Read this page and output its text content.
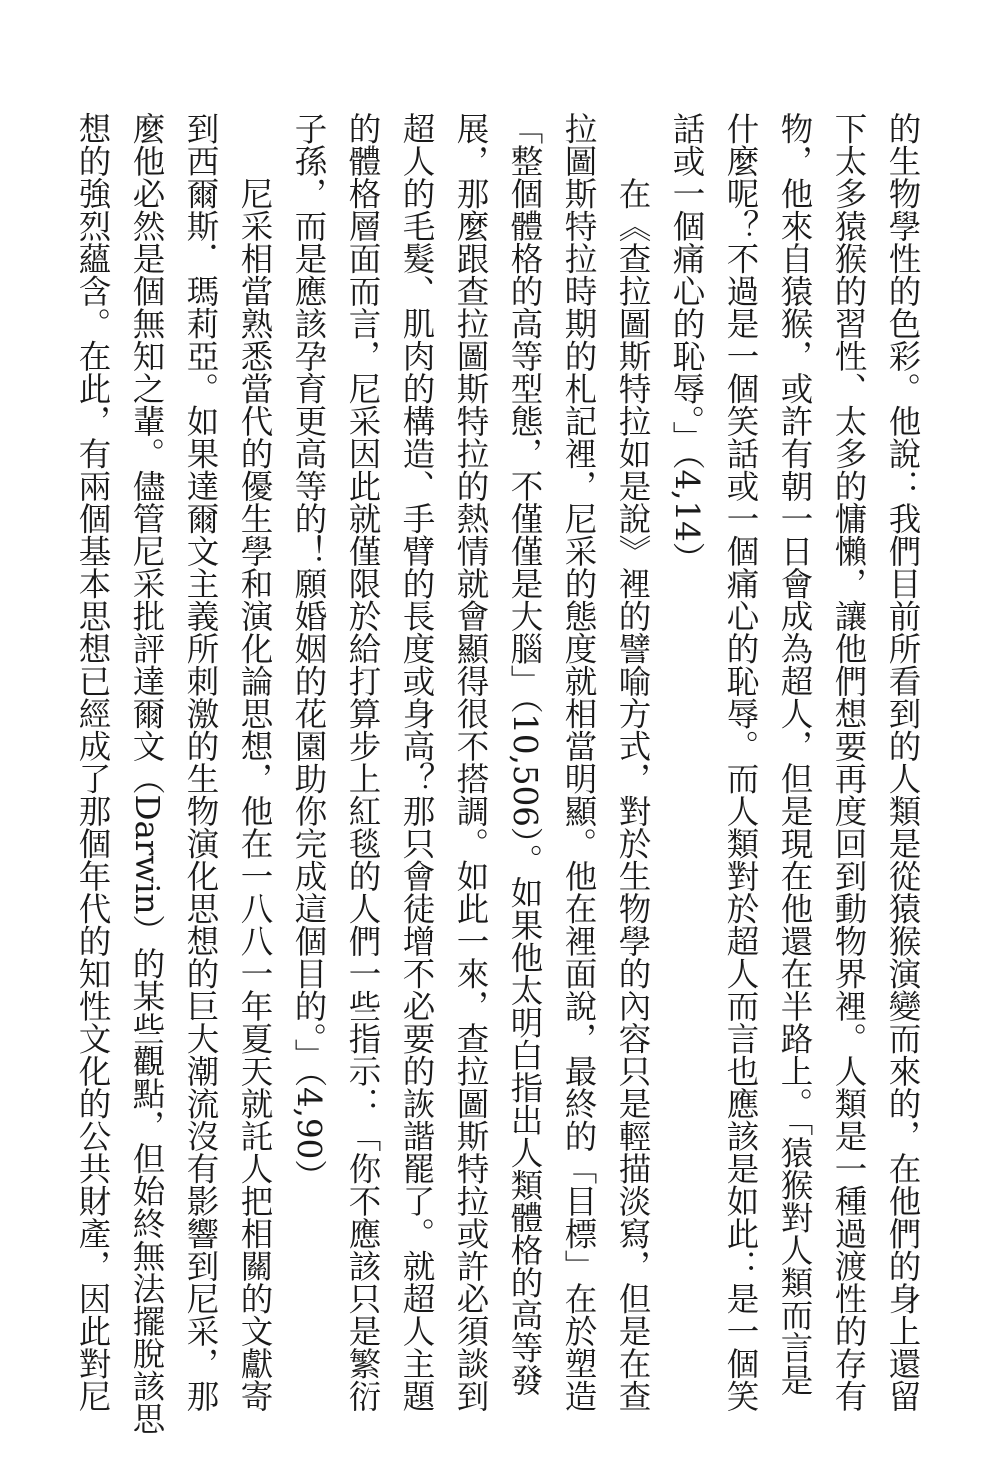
的生物學性的色彩。他說：我們目前所看到的人類是從猿猴演變而來的，在他們的身上還留
下太多猿猴的習性、太多的慵懶，讓他們想要再度回到動物界裡。人類是一種過渡性的存有
物，他來自猿猴，或許有朝一日會成為超人，但是現在他還在半路上。「猿猴對人類而言是
什麼呢？不過是一個笑話或一個痛心的恥辱。而人類對於超人而言也應該是如此：是一個笑
話或一個痛心的恥辱。」（4,14）
在《查拉圖斯特拉如是說》裡的譬喻方式，對於生物學的內容只是輕描淡寫，但是在查
拉圖斯特拉時期的札記裡，尼采的態度就相當明顯。他在裡面說，最終的「目標」在於塑造
「整個體格的高等型態，不僅僅是大腦」（10,506）。如果他太明白指出人類體格的高等發
展，那麼跟查拉圖斯特拉的熱情就會顯得很不搭調。如此一來，查拉圖斯特拉或許必須談到
超人的毛髮、肌肉的構造、手臂的長度或身高？那只會徒增不必要的詼諧罷了。就超人主題
的體格層面而言，尼采因此就僅限於給打算步上紅毯的人們一些指示：「你不應該只是繁衍
子孫，而是應該孕育更高等的！願婚姻的花園助你完成這個目的。」（4,90）
尼采相當熟悉當代的優生學和演化論思想，他在一八八一年夏天就託人把相關的文獻寄
到西爾斯．瑪莉亞。如果達爾文主義所刺激的生物演化思想的巨大潮流沒有影響到尼采，那
麼他必然是個無知之輩。儘管尼采批評達爾文（Darwin）的某些觀點，但始終無法擺脫該思
想的強烈蘊含。在此，有兩個基本思想已經成了那個年代的知性文化的公共財產，因此對尼
